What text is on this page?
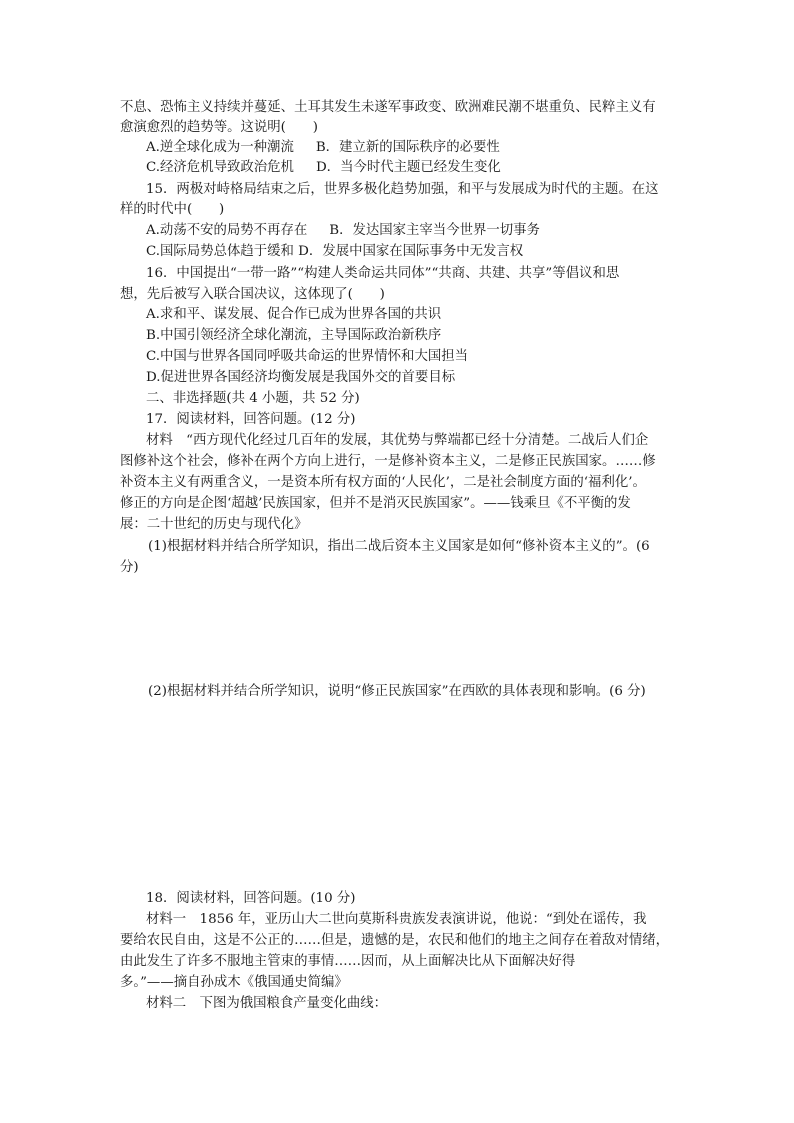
不息、恐怖主义持续并蔓延、土耳其发生未遂军事政变、欧洲难民潮不堪重负、民粹主义有
愈演愈烈的趋势等。这说明(　　)
A.逆全球化成为一种潮流 B．建立新的国际秩序的必要性
C.经济危机导致政治危机 D．当今时代主题已经发生变化
15．两极对峙格局结束之后，世界多极化趋势加强，和平与发展成为时代的主题。在这
样的时代中(　　)
A.动荡不安的局势不再存在 B．发达国家主宰当今世界一切事务
C.国际局势总体趋于缓和 D．发展中国家在国际事务中无发言权
16．中国提出“一带一路”“构建人类命运共同体”“共商、共建、共享”等倡议和思
想，先后被写入联合国决议，这体现了(　　)
A.求和平、谋发展、促合作已成为世界各国的共识
B.中国引领经济全球化潮流，主导国际政治新秩序
C.中国与世界各国同呼吸共命运的世界情怀和大国担当
D.促进世界各国经济均衡发展是我国外交的首要目标
二、非选择题(共 4 小题，共 52 分)
17．阅读材料，回答问题。(12 分)
材料　“西方现代化经过几百年的发展，其优势与弊端都已经十分清楚。二战后人们企
图修补这个社会，修补在两个方向上进行，一是修补资本主义，二是修正民族国家。……修
补资本主义有两重含义，一是资本所有权方面的‘人民化’，二是社会制度方面的‘福利化’。
修正的方向是企图‘超越’民族国家，但并不是消灭民族国家”。——钱乘旦《不平衡的发
展：二十世纪的历史与现代化》
(1)根据材料并结合所学知识，指出二战后资本主义国家是如何“修补资本主义的”。(6
分)
(2)根据材料并结合所学知识，说明“修正民族国家”在西欧的具体表现和影响。(6 分)
18．阅读材料，回答问题。(10 分)
材料一　1856 年，亚历山大二世向莫斯科贵族发表演讲说，他说：“到处在谣传，我
要给农民自由，这是不公正的……但是，遗憾的是，农民和他们的地主之间存在着敌对情绪，
由此发生了许多不服地主管束的事情……因而，从上面解决比从下面解决好得
多。”——摘自孙成木《俄国通史简编》
材料二　下图为俄国粮食产量变化曲线：
